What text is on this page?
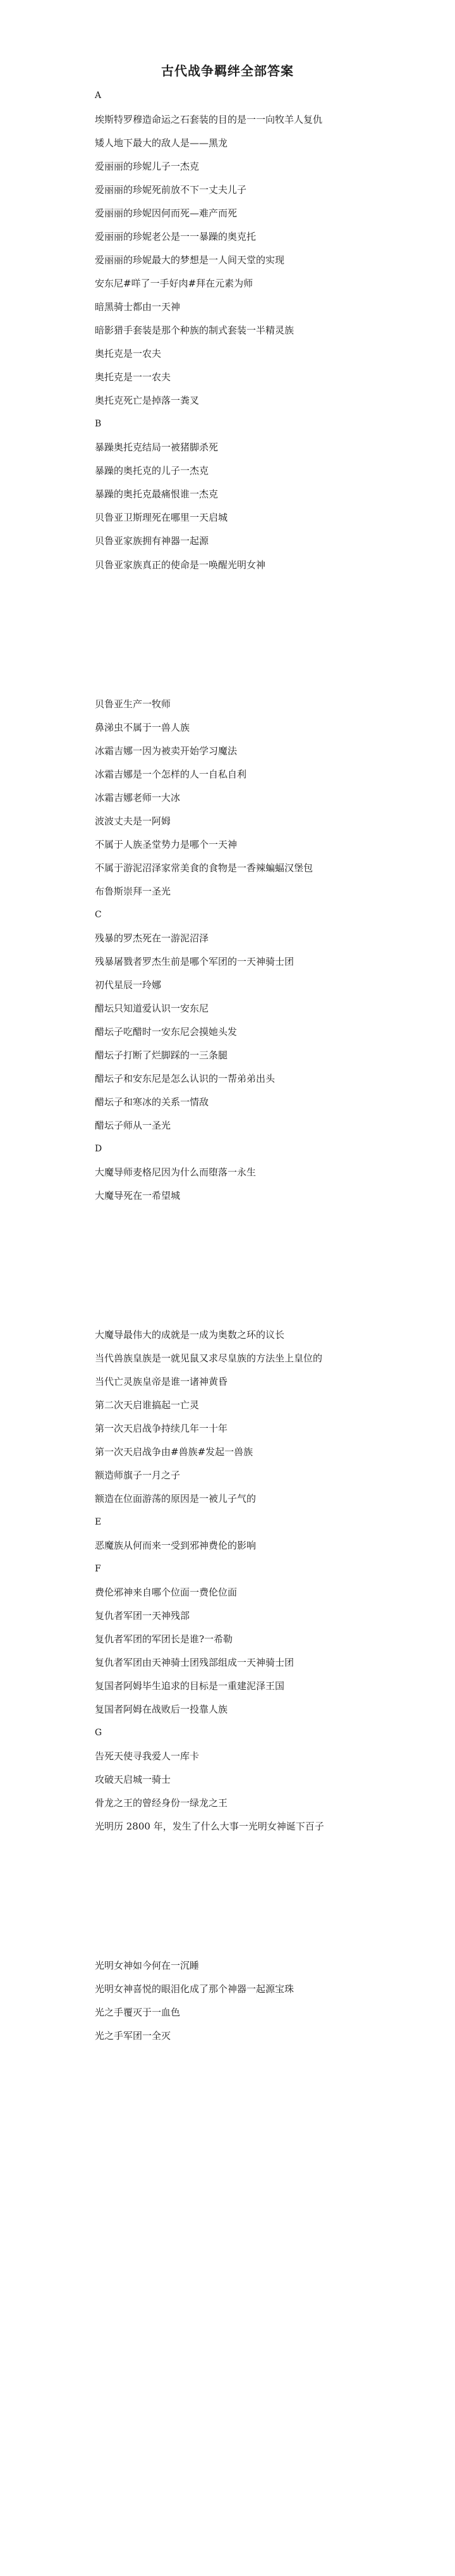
古代战争羁绊全部答案
A
埃斯特罗穆造命运之石套装的目的是一一向牧羊人复仇
矮人地下最大的敌人是——黑龙
爱丽丽的珍妮儿子一杰克
爱丽丽的珍妮死前放不下一丈夫儿子
爱丽丽的珍妮因何而死—难产而死
爱丽丽的珍妮老公是一一暴躁的奥克托
爱丽丽的珍妮最大的梦想是一人间天堂的实现
安东尼#咩了一手好肉#拜在元素为师
暗黑骑士都由一天神
暗影猎手套装是那个种族的制式套装一半精灵族
奥托克是一农夫
奥托克是一一农夫
奥托克死亡是掉落一粪叉
B
暴躁奥托克结局一被猪脚杀死
暴躁的奥托克的儿子一杰克
暴躁的奥托克最痛恨谁一杰克
贝鲁亚卫斯理死在哪里一天启城
贝鲁亚家族拥有神器一起源
贝鲁亚家族真正的使命是一唤醒光明女神
贝鲁亚生产一牧师
鼻涕虫不属于一兽人族
冰霜吉娜一因为被卖开始学习魔法
冰霜吉娜是一个怎样的人一自私自利
冰霜吉娜老师一大冰
波波丈夫是一阿姆
不属于人族圣堂势力是哪个一天神
不属于游泥沼泽家常美食的食物是一香辣蝙蝠汉堡包
布鲁斯崇拜一圣光
C
残暴的罗杰死在一游泥沼泽
残暴屠戮者罗杰生前是哪个军团的一天神骑士团
初代星辰一玲娜
醋坛只知道爱认识一安东尼
醋坛子吃醋时一安东尼会摸她头发
醋坛子打断了烂脚踩的一三条腿
醋坛子和安东尼是怎么认识的一帮弟弟出头
醋坛子和寒冰的关系一情敌
醋坛子师从一圣光
D
大魔导师麦格尼因为什么而堕落一永生
大魔导死在一希望城
大魔导最伟大的成就是一成为奥数之环的议长
当代兽族皇族是一就见鼠又求尽皇族的方法坐上皇位的
当代亡灵族皇帝是谁一诸神黄昏
第二次天启谁搞起一亡灵
第一次天启战争持续几年一十年
第一次天启战争由#兽族#发起一兽族
额造师旗子一月之子
额造在位面游荡的原因是一被儿子气的
E
恶魔族从何而来一受到邪神费伦的影响
F
费伦邪神来自哪个位面一费伦位面
复仇者军团一天神残部
复仇者军团的军团长是谁?一希勒
复仇者军团由天神骑士团残部组成一天神骑士团
复国者阿姆毕生追求的目标是一重建泥泽王国
复国者阿姆在战败后一投靠人族
G
告死天使寻我爱人一库卡
攻破天启城一骑士
骨龙之王的曾经身份一绿龙之王
光明历 2800 年，发生了什么大事一光明女神诞下百子
光明女神如今何在一沉睡
光明女神喜悦的眼泪化成了那个神器一起源宝珠
光之手覆灭于一血色
光之手军团一全灭
